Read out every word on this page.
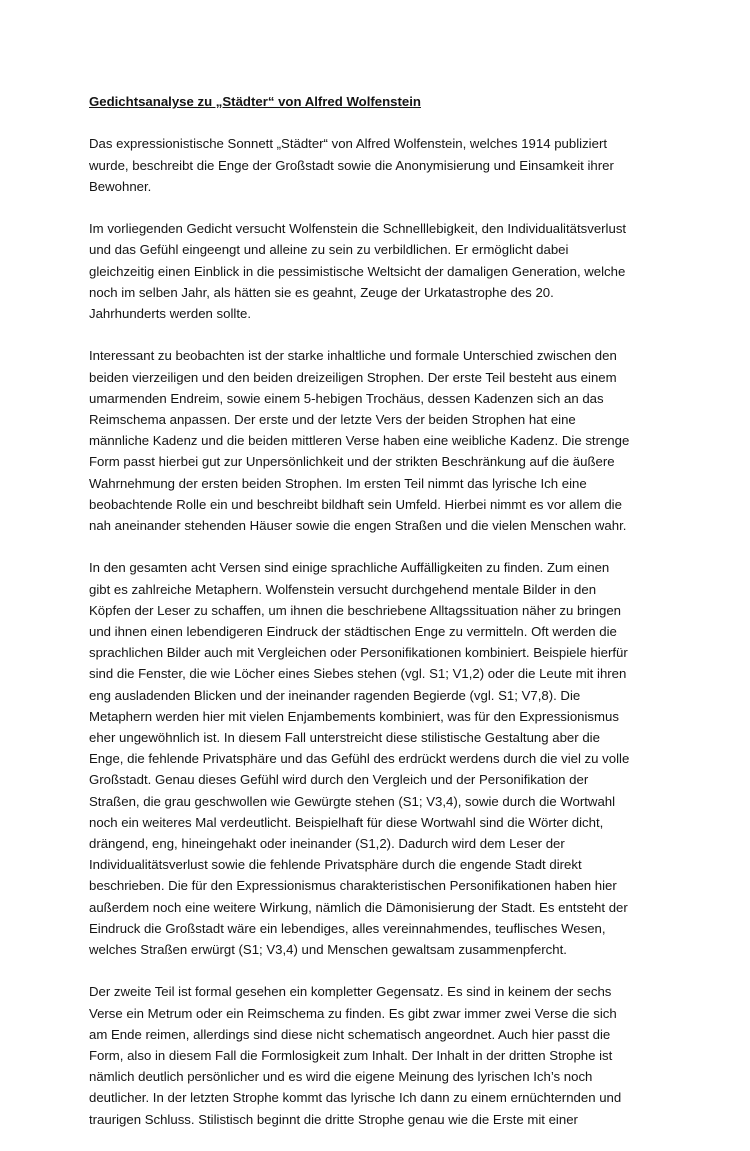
Gedichtsanalyse zu „Städter“ von Alfred Wolfenstein
Das expressionistische Sonnett „Städter“ von Alfred Wolfenstein, welches 1914 publiziert
wurde, beschreibt die Enge der Großstadt sowie die Anonymisierung und Einsamkeit ihrer
Bewohner.
Im vorliegenden Gedicht versucht Wolfenstein die Schnelllebigkeit, den Individualitätsverlust
und das Gefühl eingeengt und alleine zu sein zu verbildlichen. Er ermöglicht dabei
gleichzeitig einen Einblick in die pessimistische Weltsicht der damaligen Generation, welche
noch im selben Jahr, als hätten sie es geahnt, Zeuge der Urkatastrophe des 20.
Jahrhunderts werden sollte.
Interessant zu beobachten ist der starke inhaltliche und formale Unterschied zwischen den
beiden vierzeiligen und den beiden dreizeiligen Strophen. Der erste Teil besteht aus einem
umarmenden Endreim, sowie einem 5-hebigen Trochäus, dessen Kadenzen sich an das
Reimschema anpassen. Der erste und der letzte Vers der beiden Strophen hat eine
männliche Kadenz und die beiden mittleren Verse haben eine weibliche Kadenz. Die strenge
Form passt hierbei gut zur Unpersönlichkeit und der strikten Beschränkung auf die äußere
Wahrnehmung der ersten beiden Strophen. Im ersten Teil nimmt das lyrische Ich eine
beobachtende Rolle ein und beschreibt bildhaft sein Umfeld. Hierbei nimmt es vor allem die
nah aneinander stehenden Häuser sowie die engen Straßen und die vielen Menschen wahr.
In den gesamten acht Versen sind einige sprachliche Auffälligkeiten zu finden. Zum einen
gibt es zahlreiche Metaphern. Wolfenstein versucht durchgehend mentale Bilder in den
Köpfen der Leser zu schaffen, um ihnen die beschriebene Alltagssituation näher zu bringen
und ihnen einen lebendigeren Eindruck der städtischen Enge zu vermitteln. Oft werden die
sprachlichen Bilder auch mit Vergleichen oder Personifikationen kombiniert. Beispiele hierfür
sind die Fenster, die wie Löcher eines Siebes stehen (vgl. S1; V1,2) oder die Leute mit ihren
eng ausladenden Blicken und der ineinander ragenden Begierde (vgl. S1; V7,8). Die
Metaphern werden hier mit vielen Enjambements kombiniert, was für den Expressionismus
eher ungewöhnlich ist. In diesem Fall unterstreicht diese stilistische Gestaltung aber die
Enge, die fehlende Privatsphäre und das Gefühl des erdrückt werdens durch die viel zu volle
Großstadt. Genau dieses Gefühl wird durch den Vergleich und der Personifikation der
Straßen, die grau geschwollen wie Gewürgte stehen (S1; V3,4), sowie durch die Wortwahl
noch ein weiteres Mal verdeutlicht. Beispielhaft für diese Wortwahl sind die Wörter dicht,
drängend, eng, hineingehakt oder ineinander (S1,2). Dadurch wird dem Leser der
Individualitätsverlust sowie die fehlende Privatsphäre durch die engende Stadt direkt
beschrieben. Die für den Expressionismus charakteristischen Personifikationen haben hier
außerdem noch eine weitere Wirkung, nämlich die Dämonisierung der Stadt. Es entsteht der
Eindruck die Großstadt wäre ein lebendiges, alles vereinnahmendes, teuflisches Wesen,
welches Straßen erwürgt (S1; V3,4) und Menschen gewaltsam zusammenpfercht.
Der zweite Teil ist formal gesehen ein kompletter Gegensatz. Es sind in keinem der sechs
Verse ein Metrum oder ein Reimschema zu finden. Es gibt zwar immer zwei Verse die sich
am Ende reimen, allerdings sind diese nicht schematisch angeordnet. Auch hier passt die
Form, also in diesem Fall die Formlosigkeit zum Inhalt. Der Inhalt in der dritten Strophe ist
nämlich deutlich persönlicher und es wird die eigene Meinung des lyrischen Ich’s noch
deutlicher. In der letzten Strophe kommt das lyrische Ich dann zu einem ernüchternden und
traurigen Schluss. Stilistisch beginnt die dritte Strophe genau wie die Erste mit einer
